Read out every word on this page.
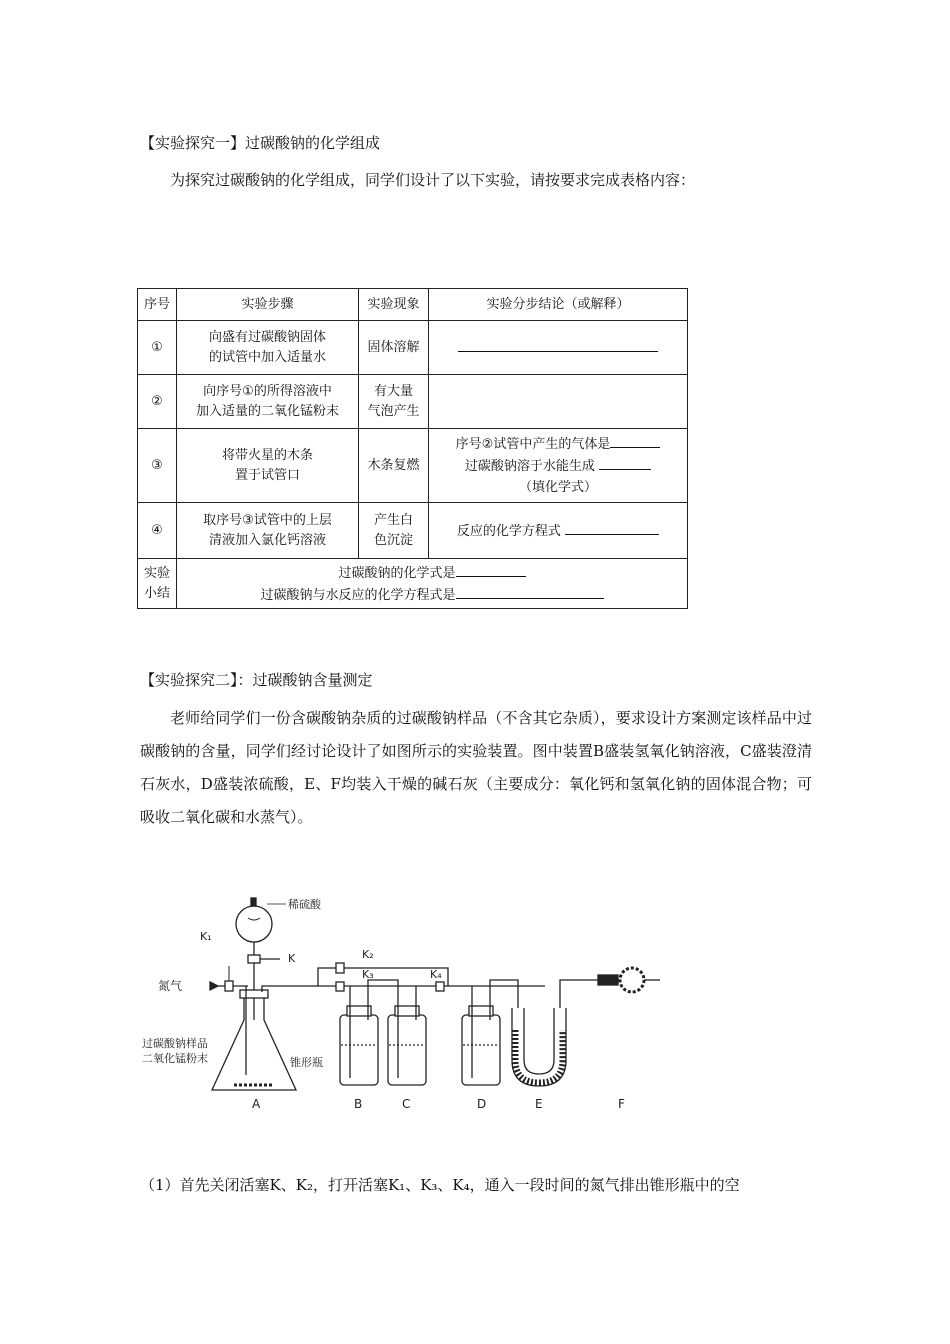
【实验探究一】过碳酸钠的化学组成
为探究过碳酸钠的化学组成，同学们设计了以下实验，请按要求完成表格内容：
序号	实验步骤	实验现象	实验分步结论（或解释）
①	向盛有过碳酸钠固体
的试管中加入适量水	固体溶解	
②	向序号①的所得溶液中
加入适量的二氧化锰粉末	有大量
气泡产生	
③	将带火星的木条
置于试管口	木条复燃	序号②试管中产生的气体是
过碳酸钠溶于水能生成
（填化学式）
④	取序号③试管中的上层
清液加入氯化钙溶液	产生白
色沉淀	反应的化学方程式
实验
小结	过碳酸钠的化学式是
过碳酸钠与水反应的化学方程式是		
【实验探究二】：过碳酸钠含量测定
老师给同学们一份含碳酸钠杂质的过碳酸钠样品（不含其它杂质），要求设计方案测定该样品中过碳酸钠的含量，同学们经讨论设计了如图所示的实验装置。图中装置B盛装氢氧化钠溶液，C盛装澄清石灰水，D盛装浓硫酸，E、F均装入干燥的碱石灰（主要成分：氧化钙和氢氧化钠的固体混合物；可吸收二氧化碳和水蒸气）。
稀硫酸
K
K₁
K₂
K₃	K₄
氮气
过碳酸钠样品
二氧化锰粉末	锥形瓶
A	B	C	D	E	F
（1）首先关闭活塞K、K₂，打开活塞K₁、K₃、K₄，通入一段时间的氮气排出锥形瓶中的空
